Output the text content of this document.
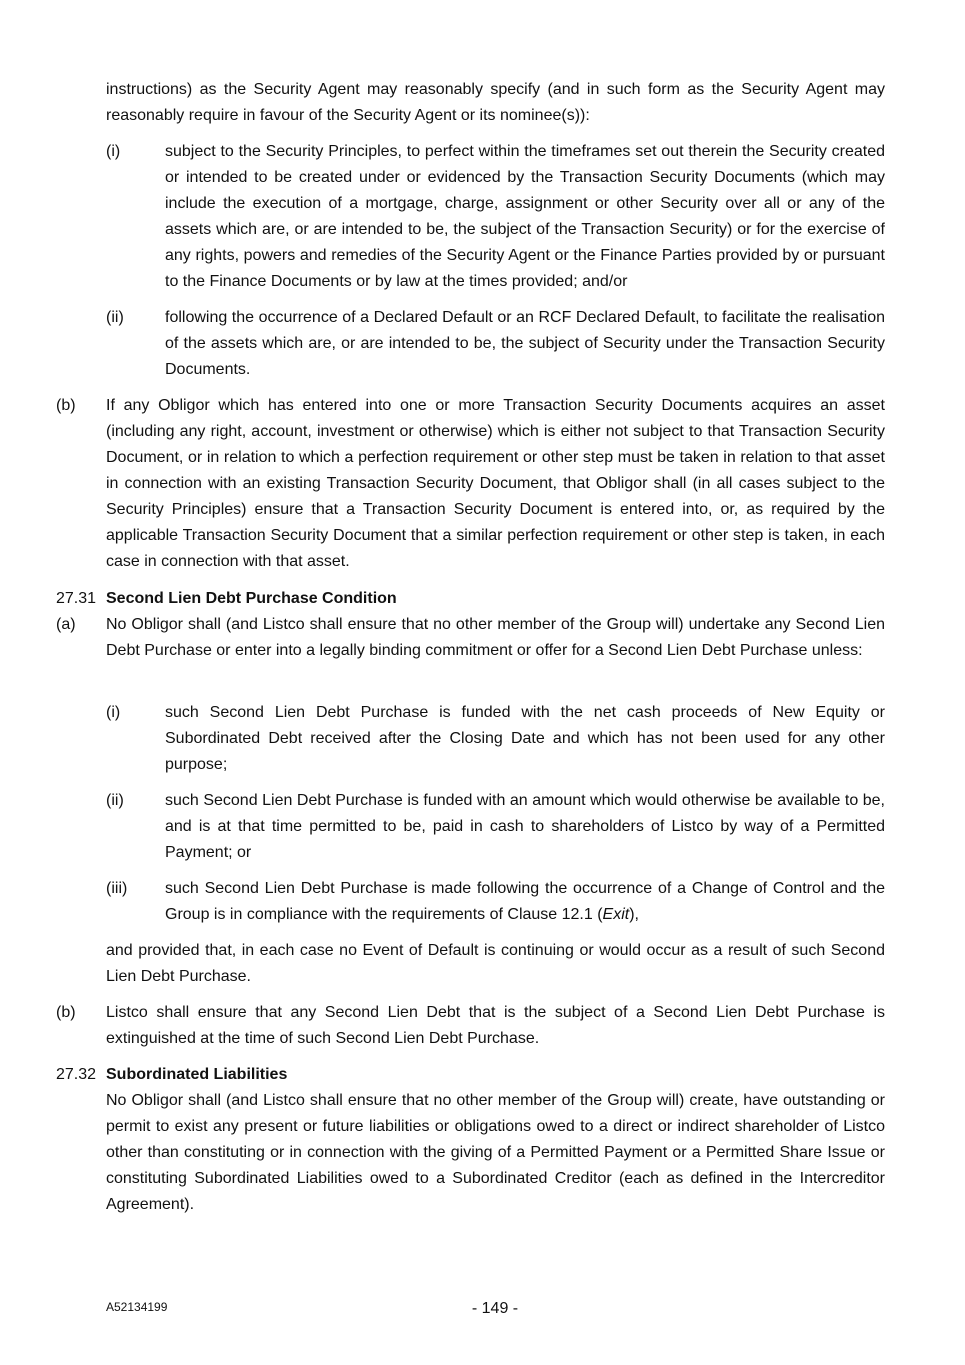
instructions) as the Security Agent may reasonably specify (and in such form as the Security Agent may reasonably require in favour of the Security Agent or its nominee(s)):
(i)	subject to the Security Principles, to perfect within the timeframes set out therein the Security created or intended to be created under or evidenced by the Transaction Security Documents (which may include the execution of a mortgage, charge, assignment or other Security over all or any of the assets which are, or are intended to be, the subject of the Transaction Security) or for the exercise of any rights, powers and remedies of the Security Agent or the Finance Parties provided by or pursuant to the Finance Documents or by law at the times provided; and/or
(ii)	following the occurrence of a Declared Default or an RCF Declared Default, to facilitate the realisation of the assets which are, or are intended to be, the subject of Security under the Transaction Security Documents.
(b) If any Obligor which has entered into one or more Transaction Security Documents acquires an asset (including any right, account, investment or otherwise) which is either not subject to that Transaction Security Document, or in relation to which a perfection requirement or other step must be taken in relation to that asset in connection with an existing Transaction Security Document, that Obligor shall (in all cases subject to the Security Principles) ensure that a Transaction Security Document is entered into, or, as required by the applicable Transaction Security Document that a similar perfection requirement or other step is taken, in each case in connection with that asset.
27.31 Second Lien Debt Purchase Condition
(a) No Obligor shall (and Listco shall ensure that no other member of the Group will) undertake any Second Lien Debt Purchase or enter into a legally binding commitment or offer for a Second Lien Debt Purchase unless:
(i)	such Second Lien Debt Purchase is funded with the net cash proceeds of New Equity or Subordinated Debt received after the Closing Date and which has not been used for any other purpose;
(ii)	such Second Lien Debt Purchase is funded with an amount which would otherwise be available to be, and is at that time permitted to be, paid in cash to shareholders of Listco by way of a Permitted Payment; or
(iii) such Second Lien Debt Purchase is made following the occurrence of a Change of Control and the Group is in compliance with the requirements of Clause 12.1 (Exit),
and provided that, in each case no Event of Default is continuing or would occur as a result of such Second Lien Debt Purchase.
(b) Listco shall ensure that any Second Lien Debt that is the subject of a Second Lien Debt Purchase is extinguished at the time of such Second Lien Debt Purchase.
27.32 Subordinated Liabilities
No Obligor shall (and Listco shall ensure that no other member of the Group will) create, have outstanding or permit to exist any present or future liabilities or obligations owed to a direct or indirect shareholder of Listco other than constituting or in connection with the giving of a Permitted Payment or a Permitted Share Issue or constituting Subordinated Liabilities owed to a Subordinated Creditor (each as defined in the Intercreditor Agreement).
A52134199	- 149 -
